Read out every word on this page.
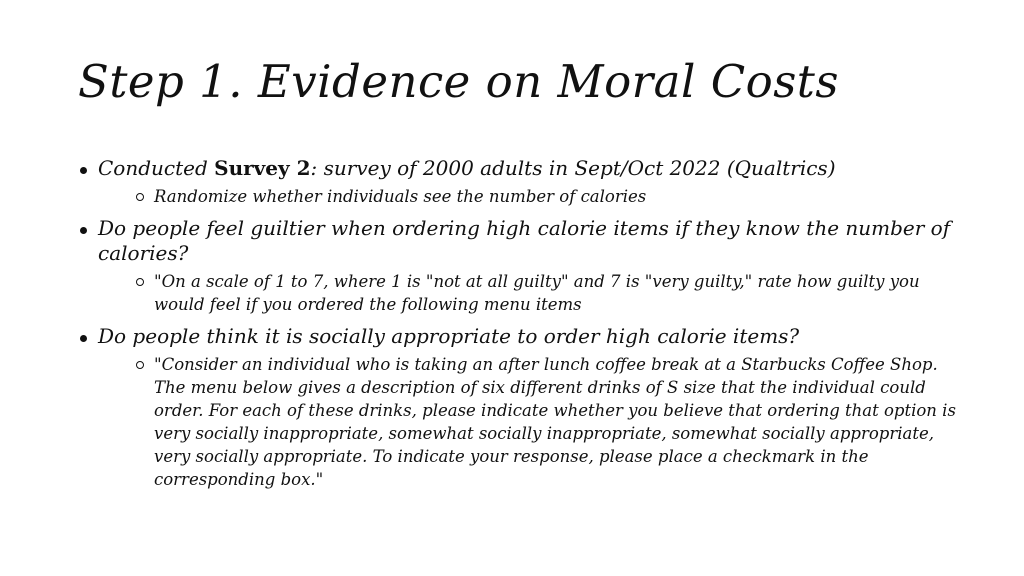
Step 1. Evidence on Moral Costs
Conducted Survey 2: survey of 2000 adults in Sept/Oct 2022 (Qualtrics)
Randomize whether individuals see the number of calories
Do people feel guiltier when ordering high calorie items if they know the number of calories?
"On a scale of 1 to 7, where 1 is "not at all guilty" and 7 is "very guilty," rate how guilty you would feel if you ordered the following menu items
Do people think it is socially appropriate to order high calorie items?
"Consider an individual who is taking an after lunch coffee break at a Starbucks Coffee Shop. The menu below gives a description of six different drinks of S size that the individual could order. For each of these drinks, please indicate whether you believe that ordering that option is very socially inappropriate, somewhat socially inappropriate, somewhat socially appropriate, very socially appropriate. To indicate your response, please place a checkmark in the corresponding box."
